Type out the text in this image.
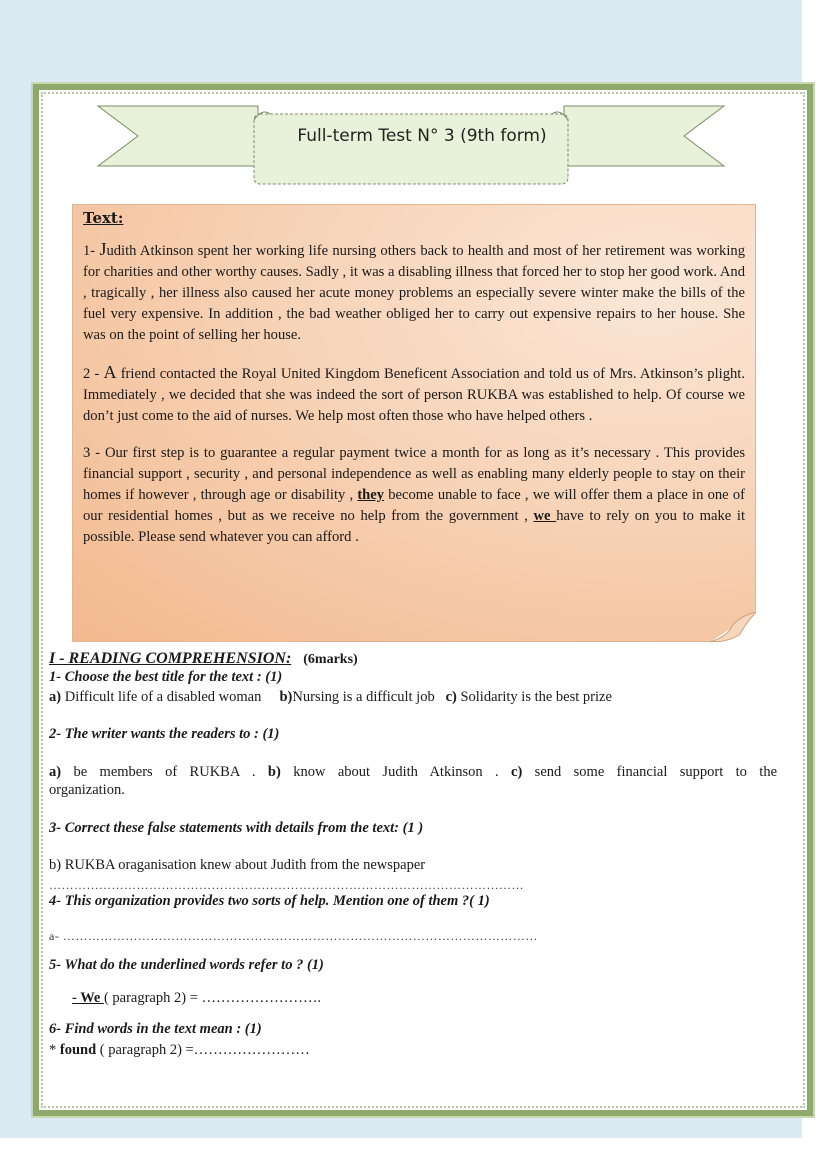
Full-term Test N° 3 (9th form)
Text:

1- Judith Atkinson spent her working life nursing others back to health and most of her retirement was working for charities and other worthy causes. Sadly , it was a disabling illness that forced her to stop her good work. And , tragically , her illness also caused her acute money problems an especially severe winter make the bills of the fuel very expensive. In addition , the bad weather obliged her to carry out expensive repairs to her house. She was on the point of selling her house.

2 - A friend contacted the Royal United Kingdom Beneficent Association and told us of Mrs. Atkinson’s plight. Immediately , we decided that she was indeed the sort of person RUKBA was established to help. Of course we don’t just come to the aid of nurses. We help most often those who have helped others .

3 - Our first step is to guarantee a regular payment twice a month for as long as it’s necessary . This provides financial support , security , and personal independence as well as enabling many elderly people to stay on their homes if however , through age or disability , they become unable to face , we will offer them a place in one of our residential homes , but as we receive no help from the government , we have to rely on you to make it possible. Please send whatever you can afford .

I - READING COMPREHENSION: (6marks)
1- Choose the best title for the text : (1)
a) Difficult life of a disabled woman b)Nursing is a difficult job c) Solidarity is the best prize
2- The writer wants the readers to : (1)
a) be members of RUKBA . b) know about Judith Atkinson . c) send some financial support to the
organization.
3- Correct these false statements with details from the text: (1 )
b) RUKBA oraganisation knew about Judith from the newspaper
……………………………………………………………………………………………………
4- This organization provides two sorts of help. Mention one of them ?( 1)
a- ……………………………………………………………………………………………………
5- What do the underlined words refer to ? (1)
- We ( paragraph 2) = …………………….
6- Find words in the text mean : (1)
* found ( paragraph 2) =……………………
